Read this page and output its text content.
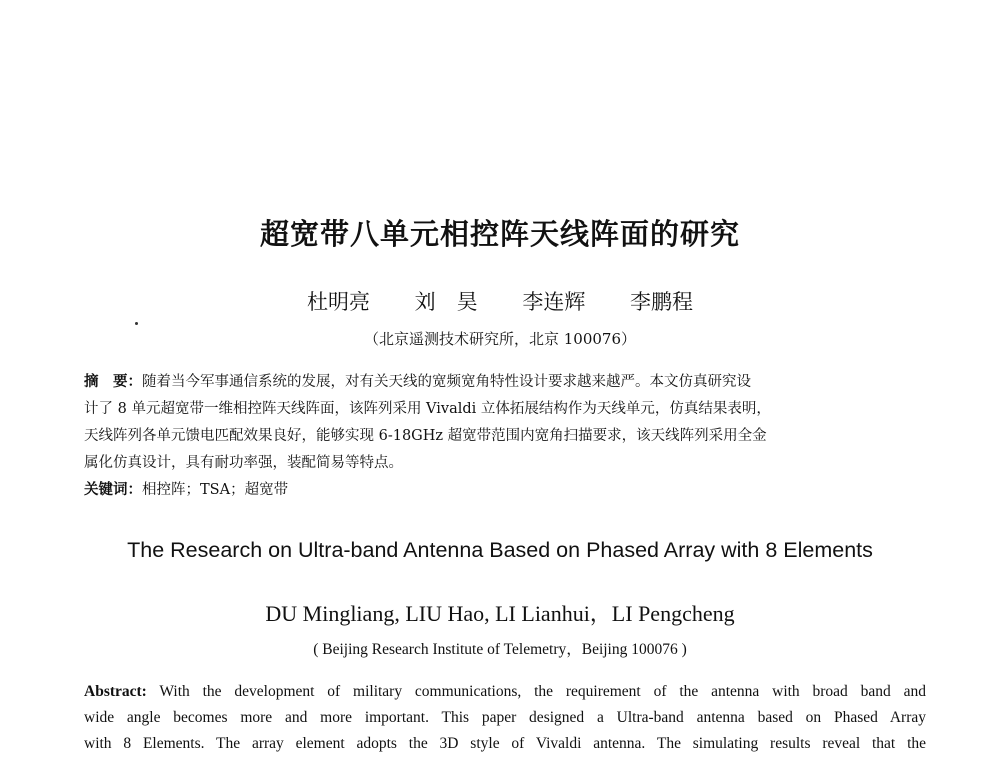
超宽带八单元相控阵天线阵面的研究
杜明亮 刘　昊 李连辉 李鹏程
（北京遥测技术研究所，北京 100076）
摘　要：随着当今军事通信系统的发展，对有关天线的宽频宽角特性设计要求越来越严。本文仿真研究设
计了 8 单元超宽带一维相控阵天线阵面，该阵列采用 Vivaldi 立体拓展结构作为天线单元，仿真结果表明，
天线阵列各单元馈电匹配效果良好，能够实现 6-18GHz 超宽带范围内宽角扫描要求，该天线阵列采用全金
属化仿真设计，具有耐功率强，装配简易等特点。
关键词：相控阵；TSA；超宽带
The Research on Ultra-band Antenna Based on Phased Array with 8 Elements
DU Mingliang, LIU Hao, LI Lianhui，LI Pengcheng
( Beijing Research Institute of Telemetry，Beijing 100076 )
Abstract: With the development of military communications, the requirement of the antenna with broad band and
wide angle becomes more and more important. This paper designed a Ultra-band antenna based on Phased Array
with 8 Elements. The array element adopts the 3D style of Vivaldi antenna. The simulating results reveal that the
